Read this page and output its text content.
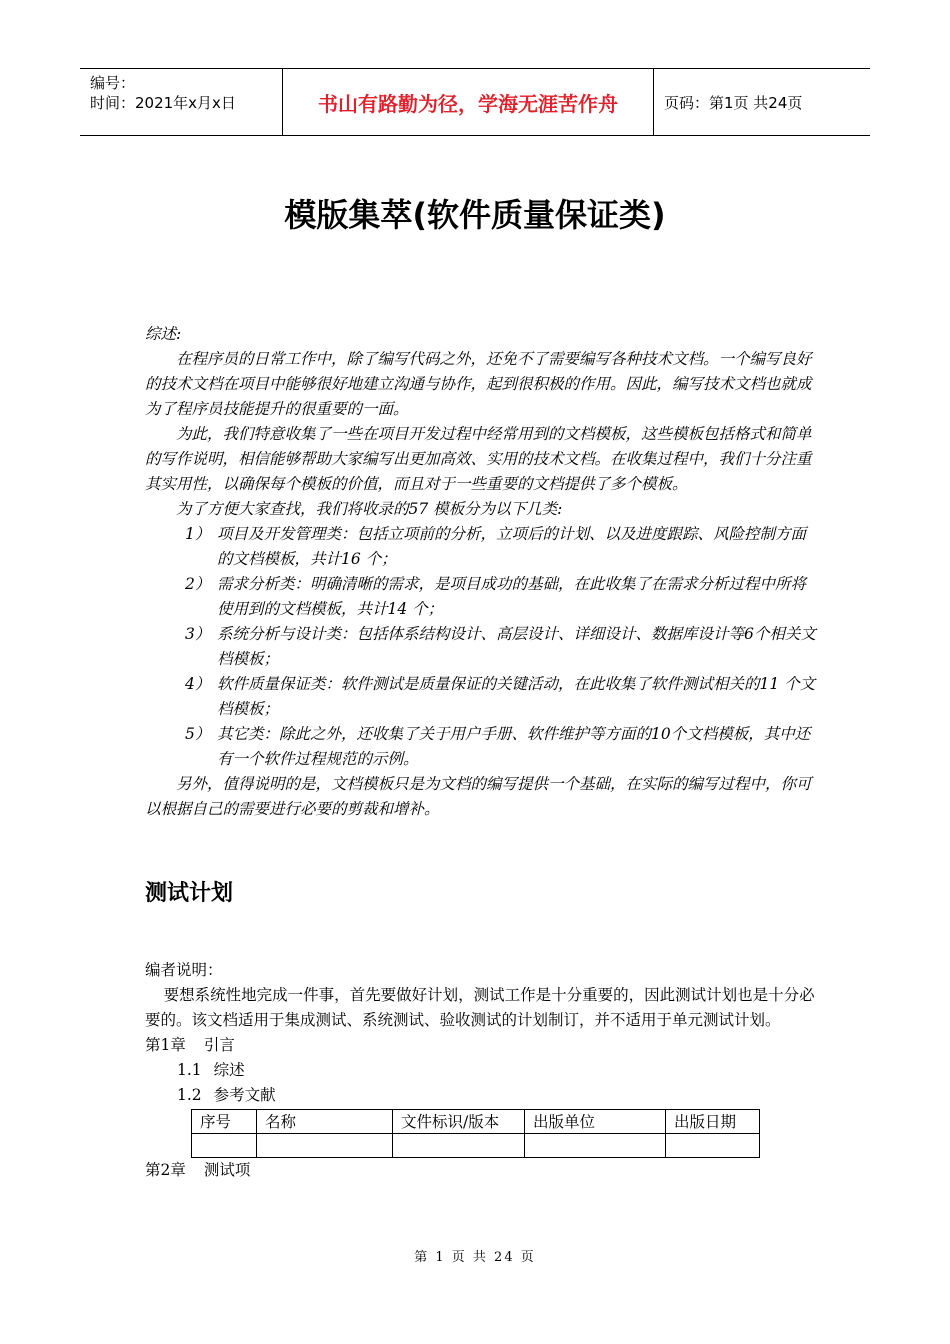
编号：
时间：2021年x月x日	书山有路勤为径，学海无涯苦作舟	页码：第1页 共24页
模版集萃(软件质量保证类)

综述:

在程序员的日常工作中，除了编写代码之外，还免不了需要编写各种技术文档。一个编写良好的技术文档在项目中能够很好地建立沟通与协作，起到很积极的作用。因此，编写技术文档也就成为了程序员技能提升的很重要的一面。

为此，我们特意收集了一些在项目开发过程中经常用到的文档模板，这些模板包括格式和简单的写作说明，相信能够帮助大家编写出更加高效、实用的技术文档。在收集过程中，我们十分注重其实用性，以确保每个模板的价值，而且对于一些重要的文档提供了多个模板。

为了方便大家查找，我们将收录的57 模板分为以下几类:

1） 项目及开发管理类：包括立项前的分析，立项后的计划、以及进度跟踪、风险控制方面的文档模板，共计16 个；
2） 需求分析类：明确清晰的需求，是项目成功的基础，在此收集了在需求分析过程中所将使用到的文档模板，共计14 个；
3） 系统分析与设计类：包括体系结构设计、高层设计、详细设计、数据库设计等6个相关文档模板；
4） 软件质量保证类：软件测试是质量保证的关键活动，在此收集了软件测试相关的11 个文档模板；
5） 其它类：除此之外，还收集了关于用户手册、软件维护等方面的10个文档模板，其中还有一个软件过程规范的示例。

另外，值得说明的是，文档模板只是为文档的编写提供一个基础，在实际的编写过程中，你可以根据自己的需要进行必要的剪裁和增补。

测试计划

编者说明：

要想系统性地完成一件事，首先要做好计划，测试工作是十分重要的，因此测试计划也是十分必要的。该文档适用于集成测试、系统测试、验收测试的计划制订，并不适用于单元测试计划。

第1章 引言

1.1 综述

1.2 参考文献

序号	名称	文件标识/版本	出版单位	出版日期

第2章 测试项

第 1 页 共 24 页
